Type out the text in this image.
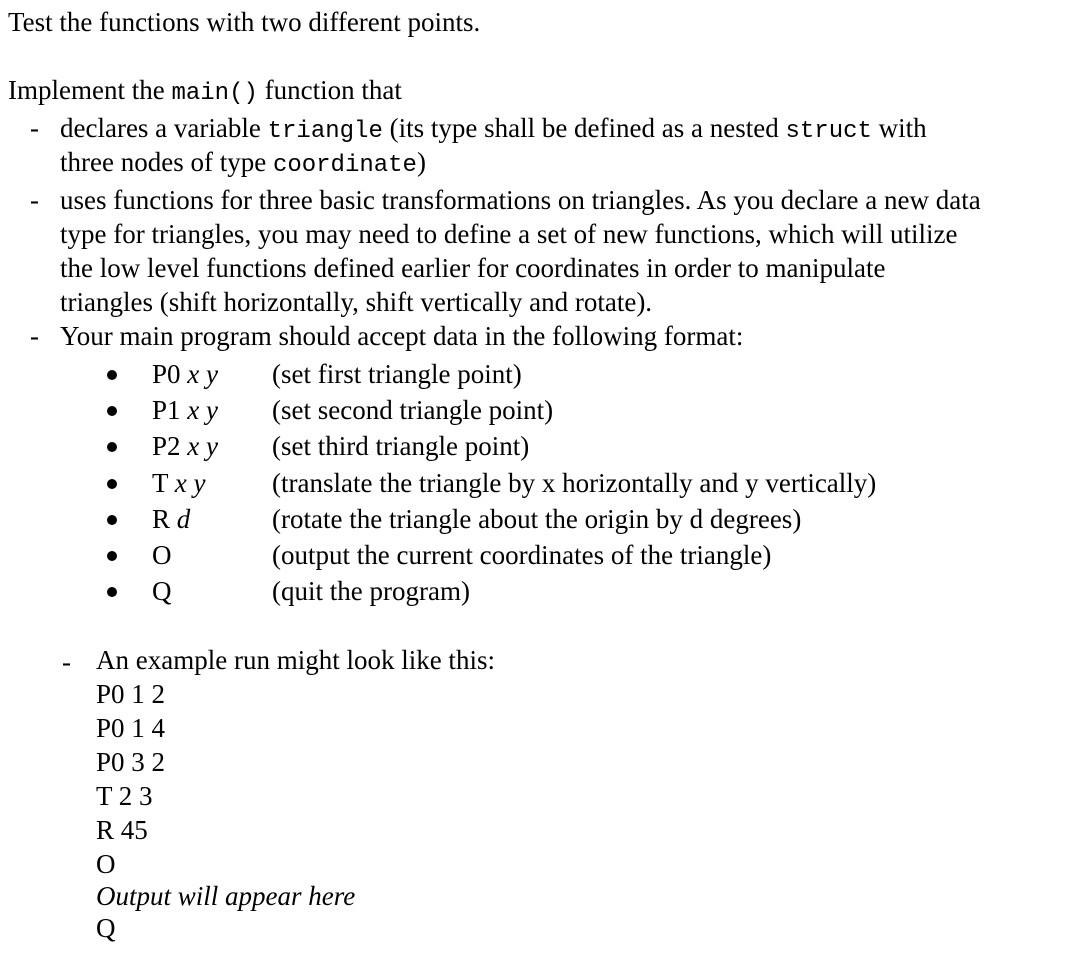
Test the functions with two different points.
Implement the main() function that
- declares a variable triangle (its type shall be defined as a nested struct with
three nodes of type coordinate)
- uses functions for three basic transformations on triangles. As you declare a new data
type for triangles, you may need to define a set of new functions, which will utilize
the low level functions defined earlier for coordinates in order to manipulate
triangles (shift horizontally, shift vertically and rotate).
- Your main program should accept data in the following format:
P0 x y (set first triangle point)
P1 x y (set second triangle point)
P2 x y (set third triangle point)
T x y (translate the triangle by x horizontally and y vertically)
R d	(rotate the triangle about the origin by d degrees)
O	(output the current coordinates of the triangle)
Q	(quit the program)
- An example run might look like this:
P0 1 2
P0 1 4
P0 3 2
T 2 3
R 45
O
Output will appear here
Q
